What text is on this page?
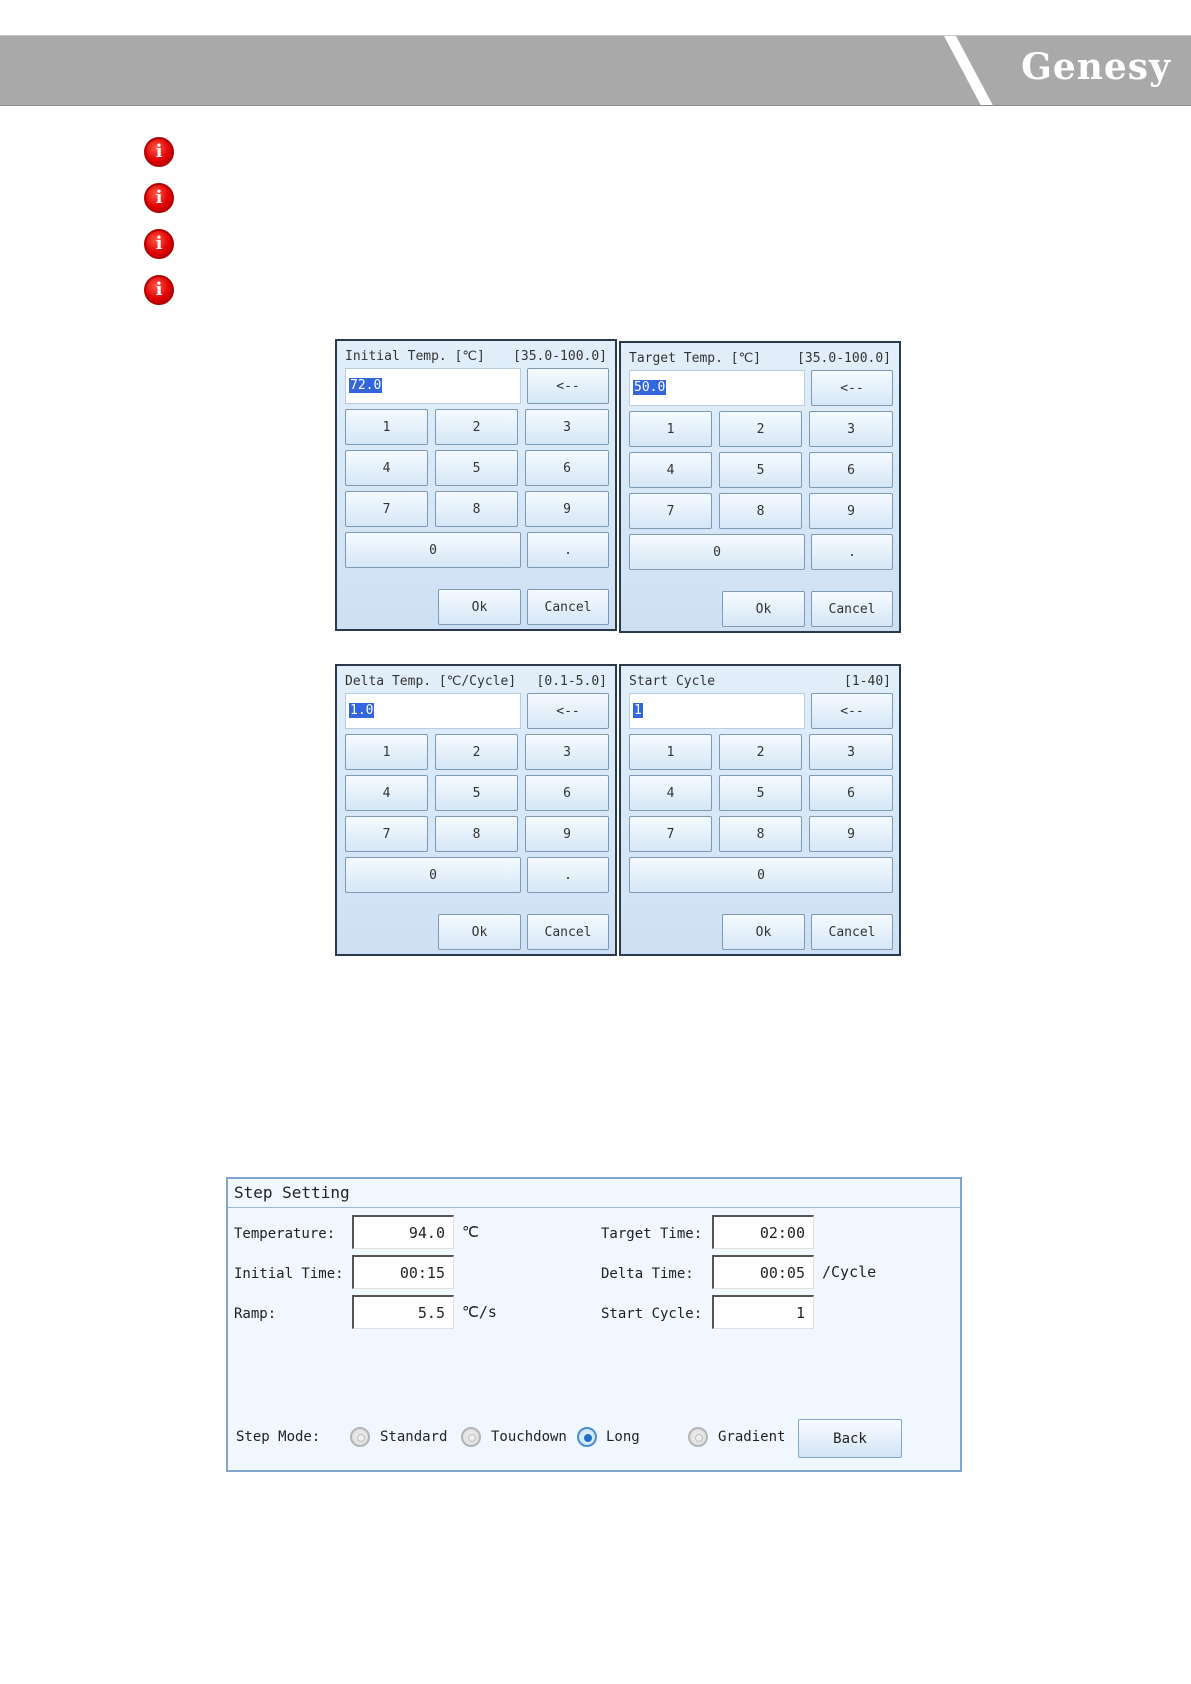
Genesy
i
i
i
i
Initial Temp. [℃] [35.0-100.0]
72.0	<--
1	2	3
4	5	6
7	8	9
0	.
Ok	Cancel
Target Temp. [℃]	[35.0-100.0]
50.0	<--
1	2	3
4	5	6
7	8	9
0	.
Ok	Cancel
Delta Temp. [℃/Cycle] [0.1-5.0]
1.0	<--
1	2	3
4	5	6
7	8	9
0	.
Ok	Cancel
Start Cycle	[1-40]
1	<--
1	2	3
4	5	6
7	8	9
0
Ok	Cancel
Step Setting
Temperature:	94.0	℃
Initial Time:	00:15
Ramp:	5.5	℃/s
Target Time:	02:00
Delta Time:	00:05	/Cycle
Start Cycle:	1
Step Mode:	Standard	Touchdown	Long	Gradient	Back
